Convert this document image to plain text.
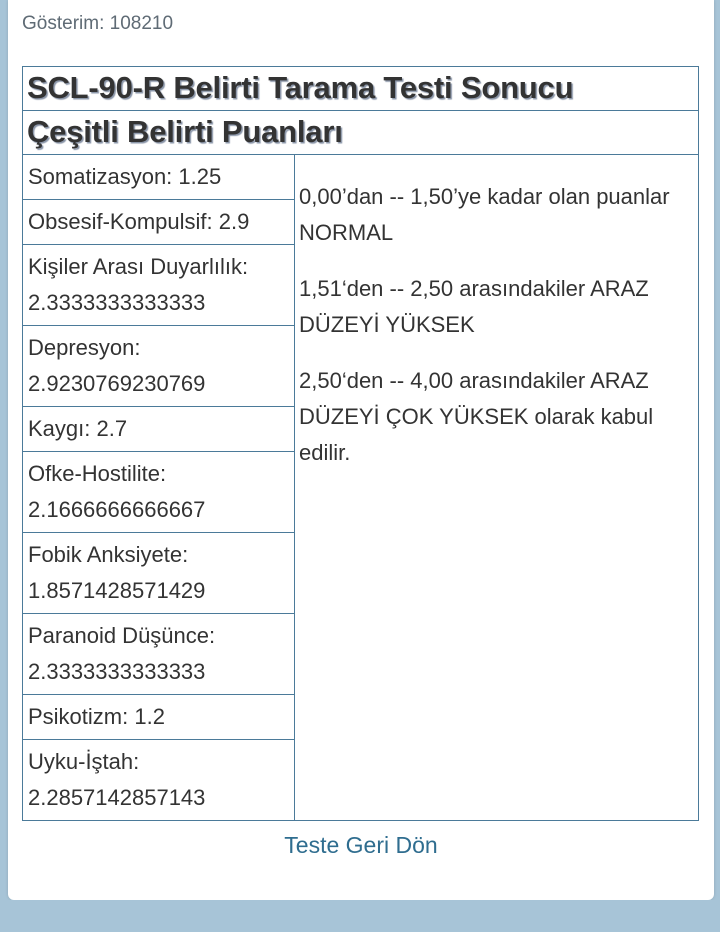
Gösterim: 108210
SCL-90-R Belirti Tarama Testi Sonucu
Çeşitli Belirti Puanları
Somatizasyon: 1.25	

0,00’dan -- 1,50’ye kadar olan puanlar NORMAL

1,51‘den -- 2,50 arasındakiler ARAZ DÜZEYİ YÜKSEK

2,50‘den -- 4,00 arasındakiler ARAZ DÜZEYİ ÇOK YÜKSEK olarak kabul edilir.

Obsesif-Kompulsif: 2.9

Kişiler Arası Duyarlılık:
2.3333333333333

Depresyon:
2.9230769230769

Kaygı: 2.7

Ofke-Hostilite:
2.1666666666667

Fobik Anksiyete:
1.8571428571429

Paranoid Düşünce:
2.3333333333333

Psikotizm: 1.2

Uyku-İştah:
2.2857142857143
Teste Geri Dön
